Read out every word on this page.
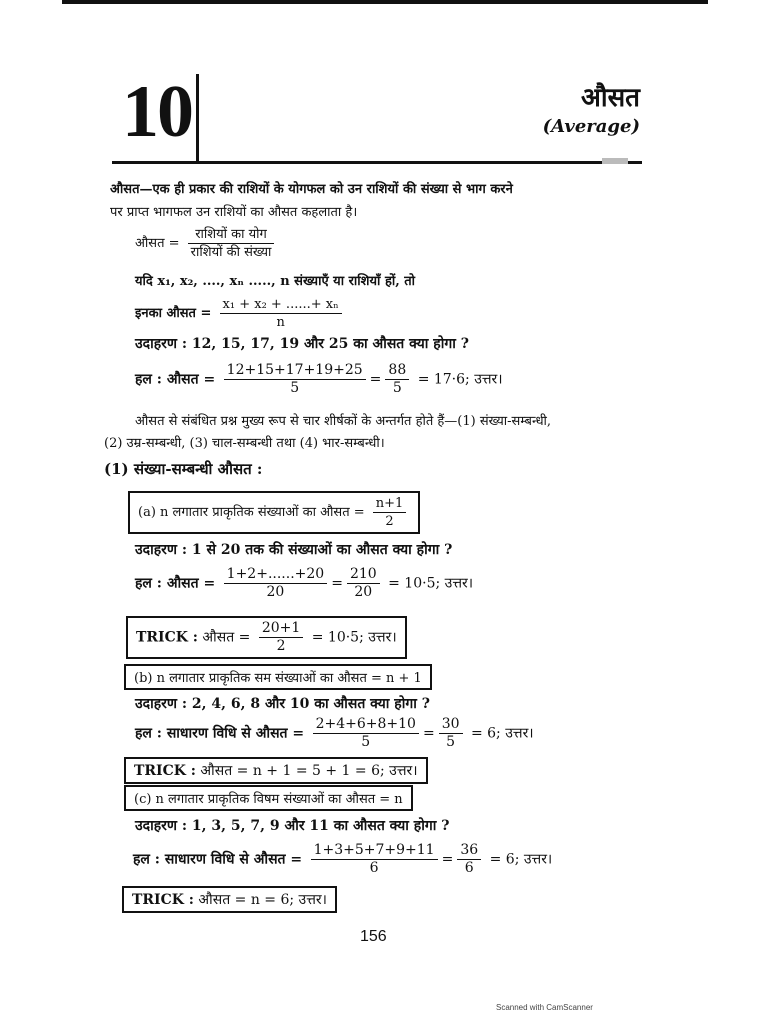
10	औसत
(Average)
औसत—एक ही प्रकार की राशियों के योगफल को उन राशियों की संख्या से भाग करने
पर प्राप्त भागफल उन राशियों का औसत कहलाता है।
औसत = $\frac{\text{राशियों का योग}}{\text{राशियों की संख्या}}$
यदि x₁, x₂, ...., xₙ ....., n संख्याएँ या राशियाँ हों, तो
इनका औसत = $\frac{\text{x₁ + x₂ + ......+ xₙ}}{n}$
उदाहरण : 12, 15, 17, 19 और 25 का औसत क्या होगा ?
हल : औसत = $\frac{12+15+17+19+25}{5} = \frac{88}{5} = 17\cdot 6$; उत्तर।
औसत से संबंधित प्रश्न मुख्य रूप से चार शीर्षकों के अन्तर्गत होते हैं—(1) संख्या-सम्बन्धी,
(2) उम्र-सम्बन्धी, (3) चाल-सम्बन्धी तथा (4) भार-सम्बन्धी।
(1) संख्या-सम्बन्धी औसत :
(a) n लगातार प्राकृतिक संख्याओं का औसत = $\frac{n+1}{2}$
उदाहरण : 1 से 20 तक की संख्याओं का औसत क्या होगा ?
हल : औसत = $\frac{1+2+......+20}{20} = \frac{210}{20} = 10\cdot 5$; उत्तर।
TRICK : औसत = $\frac{20+1}{2} = 10\cdot 5$; उत्तर।
(b) n लगातार प्राकृतिक सम संख्याओं का औसत = n + 1
उदाहरण : 2, 4, 6, 8 और 10 का औसत क्या होगा ?
हल : साधारण विधि से औसत = $\frac{2+4+6+8+10}{5} = \frac{30}{5} = 6$; उत्तर।
TRICK : औसत = n + 1 = 5 + 1 = 6; उत्तर।
(c) n लगातार प्राकृतिक विषम संख्याओं का औसत = n
उदाहरण : 1, 3, 5, 7, 9 और 11 का औसत क्या होगा ?
हल : साधारण विधि से औसत = $\frac{1+3+5+7+9+11}{6} = \frac{36}{6} = 6$; उत्तर।
TRICK : औसत = n = 6; उत्तर।
156
Scanned with CamScanner
